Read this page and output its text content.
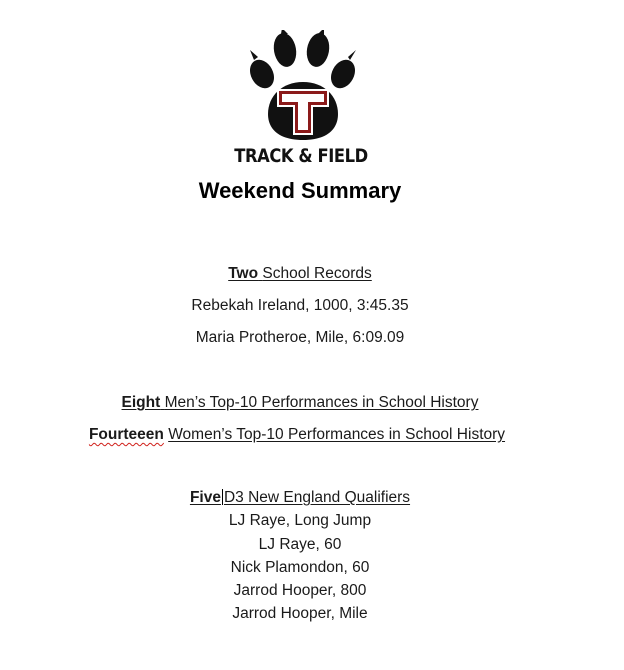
T
TRACK & FIELD
Weekend Summary
Two School Records
Rebekah Ireland, 1000, 3:45.35
Maria Protheroe, Mile, 6:09.09
Eight Men’s Top-10 Performances in School History
Fourteeen Women’s Top-10 Performances in School History
Five D3 New England Qualifiers
LJ Raye, Long Jump
LJ Raye, 60
Nick Plamondon, 60
Jarrod Hooper, 800
Jarrod Hooper, Mile
